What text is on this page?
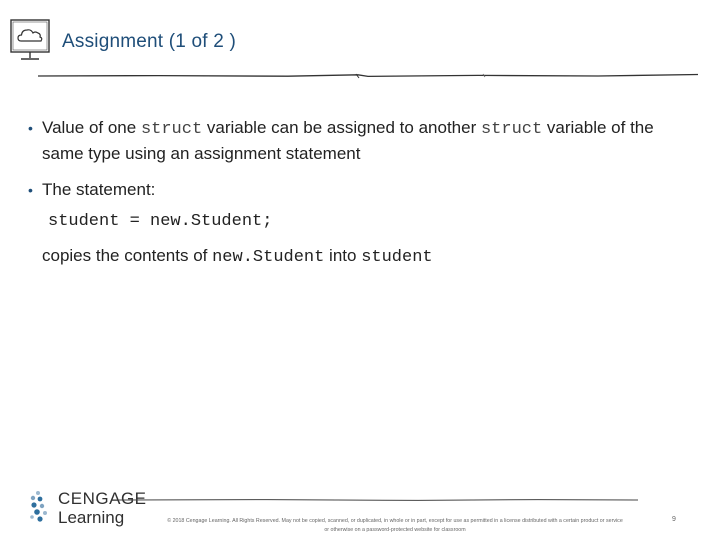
Assignment (1 of 2 )
• Value of one struct variable can be assigned to another struct variable of the same type using an assignment statement
• The statement:
student = new.Student;
copies the contents of new.Student into student
CENGAGE
Learning	© 2018 Cengage Learning. All Rights Reserved. May not be copied, scanned, or duplicated, in whole or in part, except for use as permitted in a license distributed with a certain product or service
or otherwise on a password-protected website for classroom
9
